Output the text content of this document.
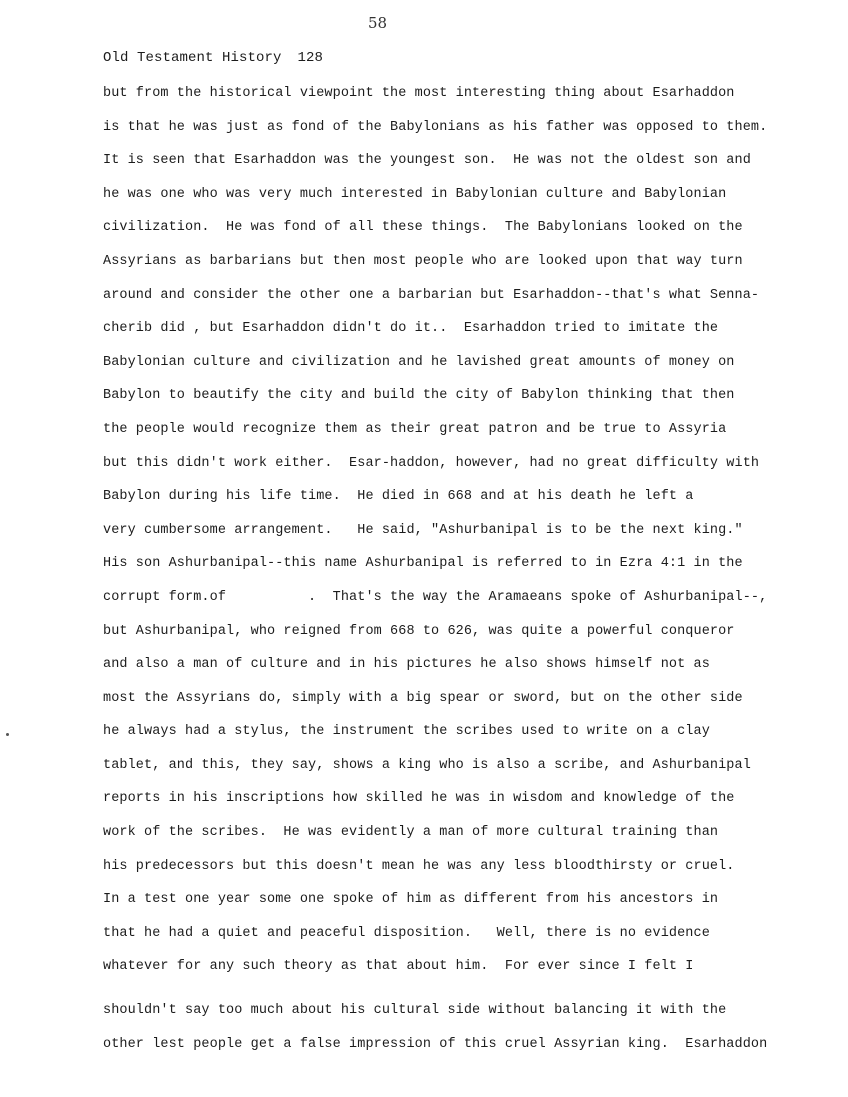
58
Old Testament History 128
but from the historical viewpoint the most interesting thing about Esarhaddon
is that he was just as fond of the Babylonians as his father was opposed to them.
It is seen that Esarhaddon was the youngest son.  He was not the oldest son and
he was one who was very much interested in Babylonian culture and Babylonian
civilization.  He was fond of all these things.  The Babylonians looked on the
Assyrians as barbarians but then most people who are looked upon that way turn
around and consider the other one a barbarian but Esarhaddon--that's what Senna-
cherib did , but Esarhaddon didn't do it..  Esarhaddon tried to imitate the
Babylonian culture and civilization and he lavished great amounts of money on
Babylon to beautify the city and build the city of Babylon thinking that then
the people would recognize them as their great patron and be true to Assyria
but this didn't work either.  Esar-haddon, however, had no great difficulty with
Babylon during his life time.  He died in 668 and at his death he left a
very cumbersome arrangement.   He said, "Ashurbanipal is to be the next king."
His son Ashurbanipal--this name Ashurbanipal is referred to in Ezra 4:1 in the
corrupt form.of          .  That's the way the Aramaeans spoke of Ashurbanipal--,
but Ashurbanipal, who reigned from 668 to 626, was quite a powerful conqueror
and also a man of culture and in his pictures he also shows himself not as
most the Assyrians do, simply with a big spear or sword, but on the other side
he always had a stylus, the instrument the scribes used to write on a clay
tablet, and this, they say, shows a king who is also a scribe, and Ashurbanipal
reports in his inscriptions how skilled he was in wisdom and knowledge of the
work of the scribes.  He was evidently a man of more cultural training than
his predecessors but this doesn't mean he was any less bloodthirsty or cruel.
In a test one year some one spoke of him as different from his ancestors in
that he had a quiet and peaceful disposition.   Well, there is no evidence
whatever for any such theory as that about him.  For ever since I felt I
shouldn't say too much about his cultural side without balancing it with the
other lest people get a false impression of this cruel Assyrian king.  Esarhaddon
